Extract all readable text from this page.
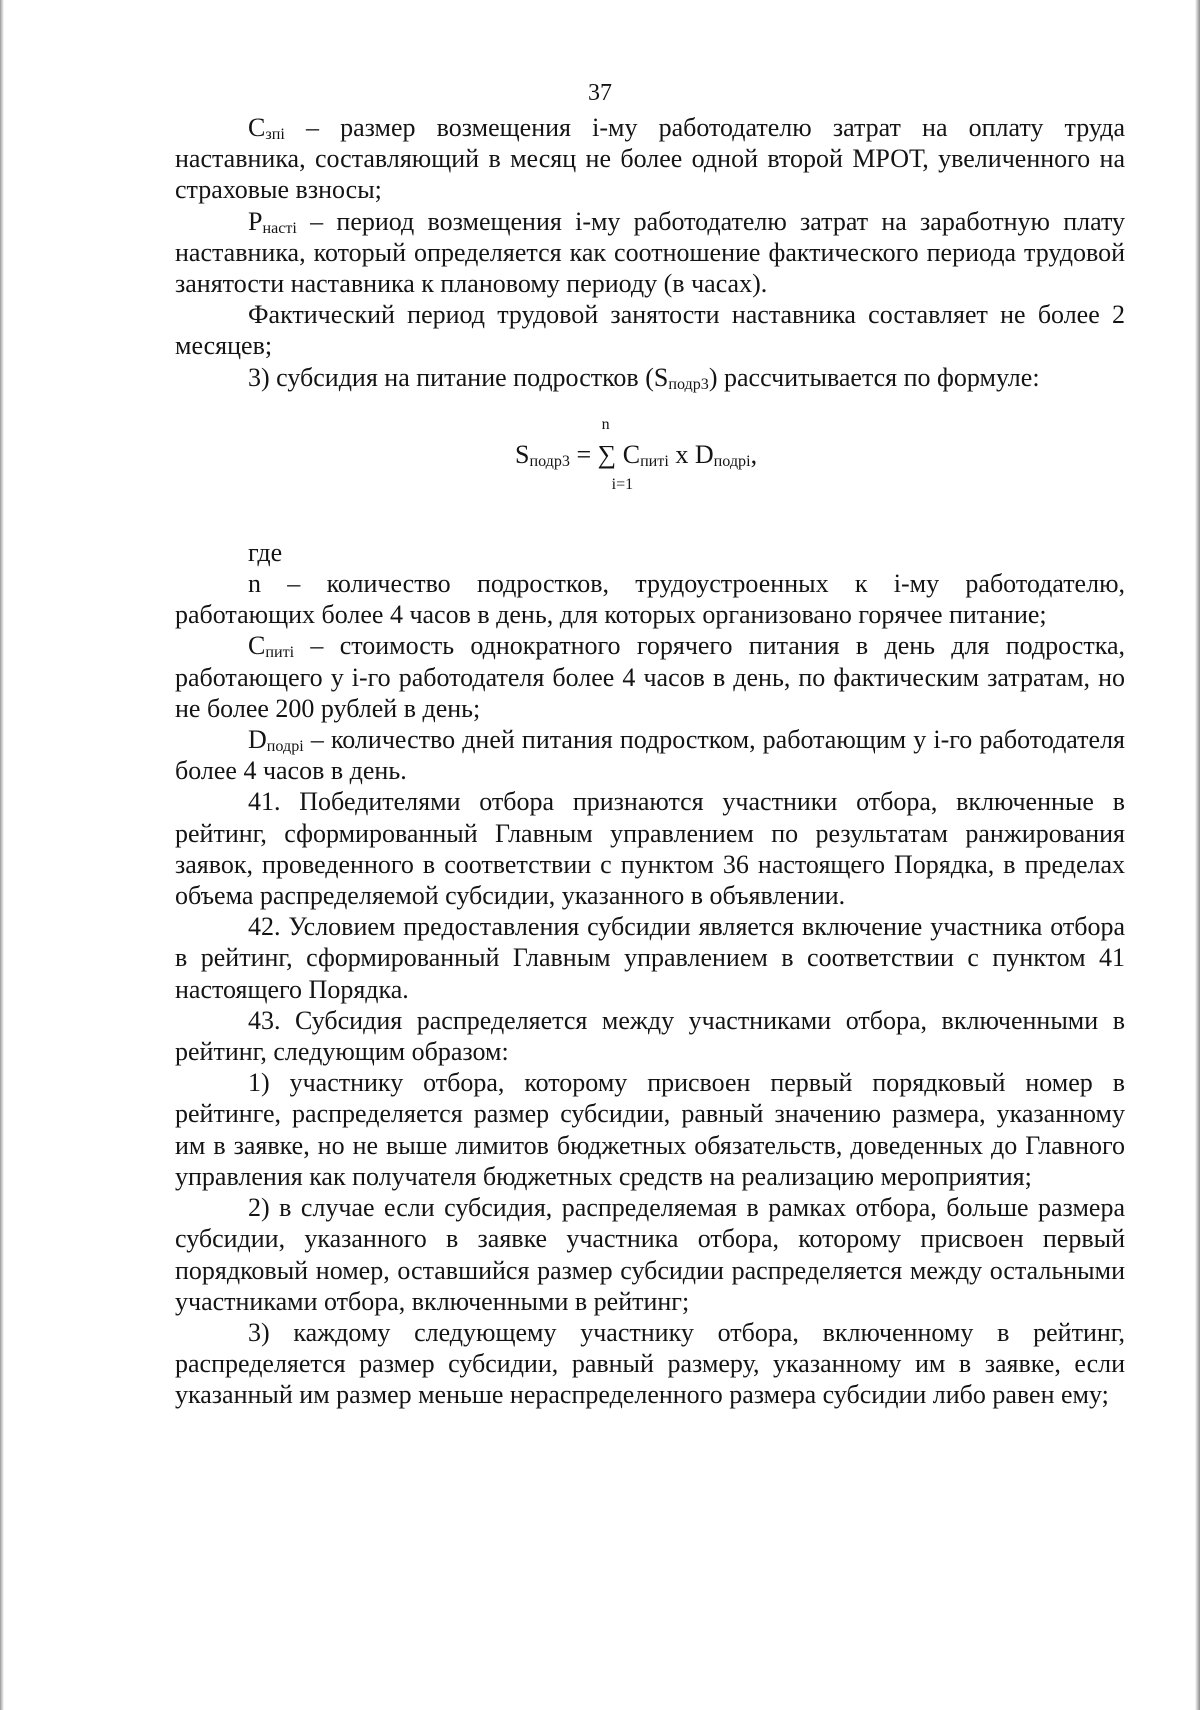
37

Cзпi – размер возмещения i-му работодателю затрат на оплату труда наставника, составляющий в месяц не более одной второй МРОТ, увеличенного на страховые взносы;

Pнастi – период возмещения i-му работодателю затрат на заработную плату наставника, который определяется как соотношение фактического периода трудовой занятости наставника к плановому периоду (в часах).

Фактический период трудовой занятости наставника составляет не более 2 месяцев;

3) субсидия на питание подростков (Sподр3) рассчитывается по формуле:

Sподр3 = ∑
n
i=1
Cпитi x Dподрi,

где

n – количество подростков, трудоустроенных к i-му работодателю, работающих более 4 часов в день, для которых организовано горячее питание;

Cпитi – стоимость однократного горячего питания в день для подростка, работающего у i-го работодателя более 4 часов в день, по фактическим затратам, но не более 200 рублей в день;

Dподрi – количество дней питания подростком, работающим у i-го работодателя более 4 часов в день.

41. Победителями отбора признаются участники отбора, включенные в рейтинг, сформированный Главным управлением по результатам ранжирования заявок, проведенного в соответствии с пунктом 36 настоящего Порядка, в пределах объема распределяемой субсидии, указанного в объявлении.

42. Условием предоставления субсидии является включение участника отбора в рейтинг, сформированный Главным управлением в соответствии с пунктом 41 настоящего Порядка.

43. Субсидия распределяется между участниками отбора, включенными в рейтинг, следующим образом:

1) участнику отбора, которому присвоен первый порядковый номер в рейтинге, распределяется размер субсидии, равный значению размера, указанному им в заявке, но не выше лимитов бюджетных обязательств, доведенных до Главного управления как получателя бюджетных средств на реализацию мероприятия;

2) в случае если субсидия, распределяемая в рамках отбора, больше размера субсидии, указанного в заявке участника отбора, которому присвоен первый порядковый номер, оставшийся размер субсидии распределяется между остальными участниками отбора, включенными в рейтинг;

3) каждому следующему участнику отбора, включенному в рейтинг, распределяется размер субсидии, равный размеру, указанному им в заявке, если указанный им размер меньше нераспределенного размера субсидии либо равен ему;
